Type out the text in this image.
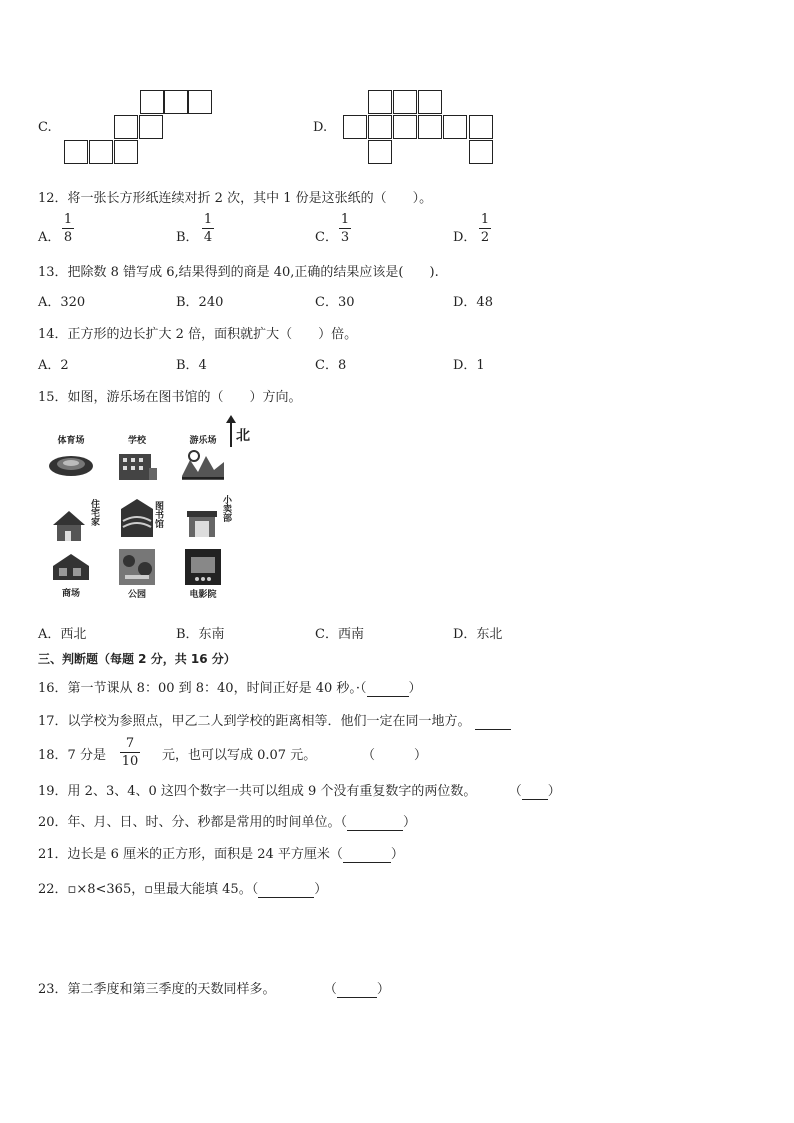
C.	D.
12．将一张长方形纸连续对折 2 次，其中 1 份是这张纸的（　　）。
A．
1
8	B．
1
4	C．
1
3	D．
1
2
13．把除数 8 错写成 6,结果得到的商是 40,正确的结果应该是(　　).
A．320	B．240	C．30	D．48
14．正方形的边长扩大 2 倍，面积就扩大（　　）倍。
A．2	B．4	C．8	D．1
15．如图，游乐场在图书馆的（　　）方向。
北
体育场	学校	游乐场
住宅家	图书馆	小卖部
商场	公园	电影院
A．西北	B．东南	C．西南	D．东北
三、判断题（每题 2 分，共 16 分）
16．第一节课从 8：00 到 8：40，时间正好是 40 秒。·（	）
17．以学校为参照点，甲乙二人到学校的距离相等．他们一定在同一地方。
18．7 分是
7
10 元，也可以写成 0.07 元。	（　　　）
19．用 2、3、4、0 这四个数字一共可以组成 9 个没有重复数字的两位数。 （ ）
20．年、月、日、时、分、秒都是常用的时间单位。（	）
21．边长是 6 厘米的正方形，面积是 24 平方厘米（	）
22．▫×8<365，▫里最大能填 45。（	）
23．第二季度和第三季度的天数同样多。	（	）
